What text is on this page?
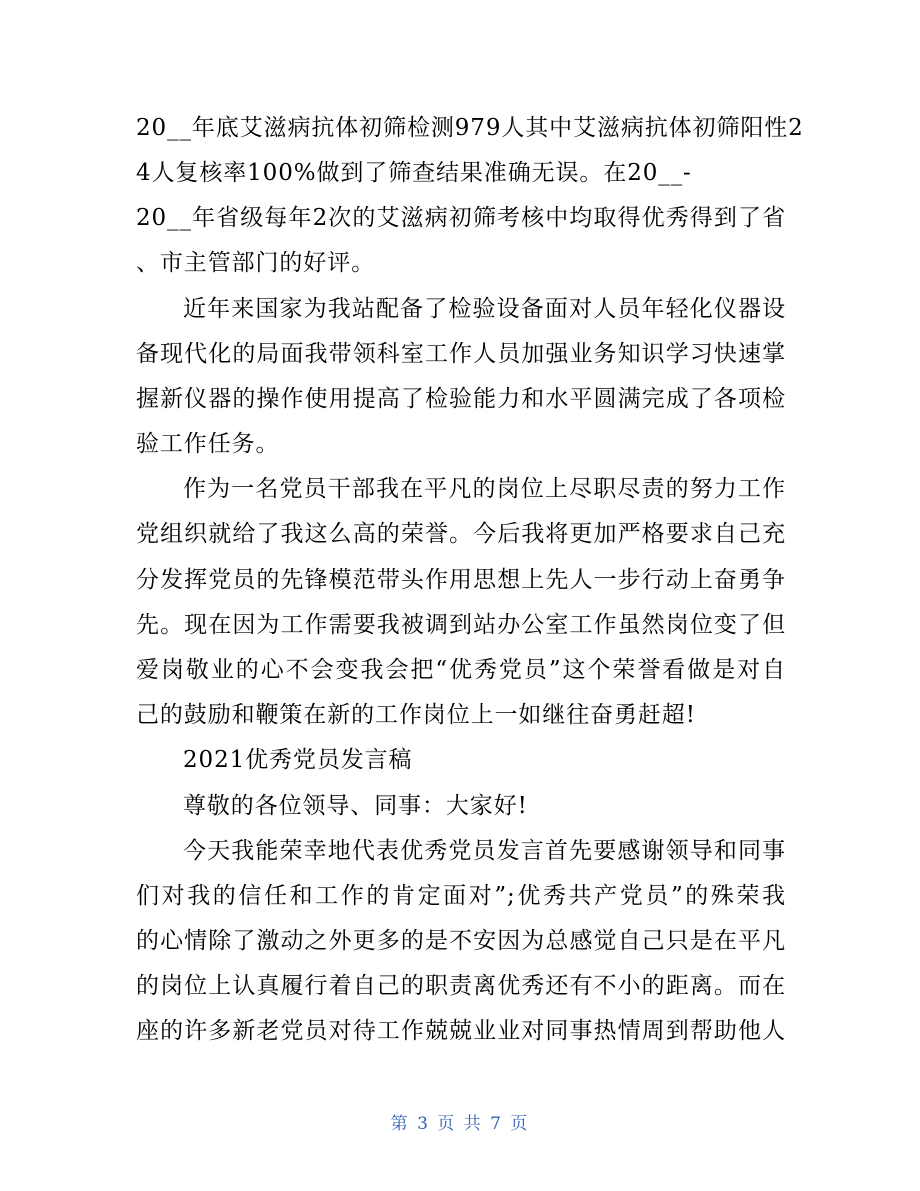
20__年底艾滋病抗体初筛检测979人其中艾滋病抗体初筛阳性2
4人复核率100%做到了筛查结果准确无误。在20__-
20__年省级每年2次的艾滋病初筛考核中均取得优秀得到了省
、市主管部门的好评。
近年来国家为我站配备了检验设备面对人员年轻化仪器设
备现代化的局面我带领科室工作人员加强业务知识学习快速掌
握新仪器的操作使用提高了检验能力和水平圆满完成了各项检
验工作任务。
作为一名党员干部我在平凡的岗位上尽职尽责的努力工作
党组织就给了我这么高的荣誉。今后我将更加严格要求自己充
分发挥党员的先锋模范带头作用思想上先人一步行动上奋勇争
先。现在因为工作需要我被调到站办公室工作虽然岗位变了但
爱岗敬业的心不会变我会把“优秀党员”这个荣誉看做是对自
己的鼓励和鞭策在新的工作岗位上一如继往奋勇赶超!
2021优秀党员发言稿
尊敬的各位领导、同事：大家好!
今天我能荣幸地代表优秀党员发言首先要感谢领导和同事
们对我的信任和工作的肯定面对”;优秀共产党员”的殊荣我
的心情除了激动之外更多的是不安因为总感觉自己只是在平凡
的岗位上认真履行着自己的职责离优秀还有不小的距离。而在
座的许多新老党员对待工作兢兢业业对同事热情周到帮助他人
第 3 页 共 7 页
